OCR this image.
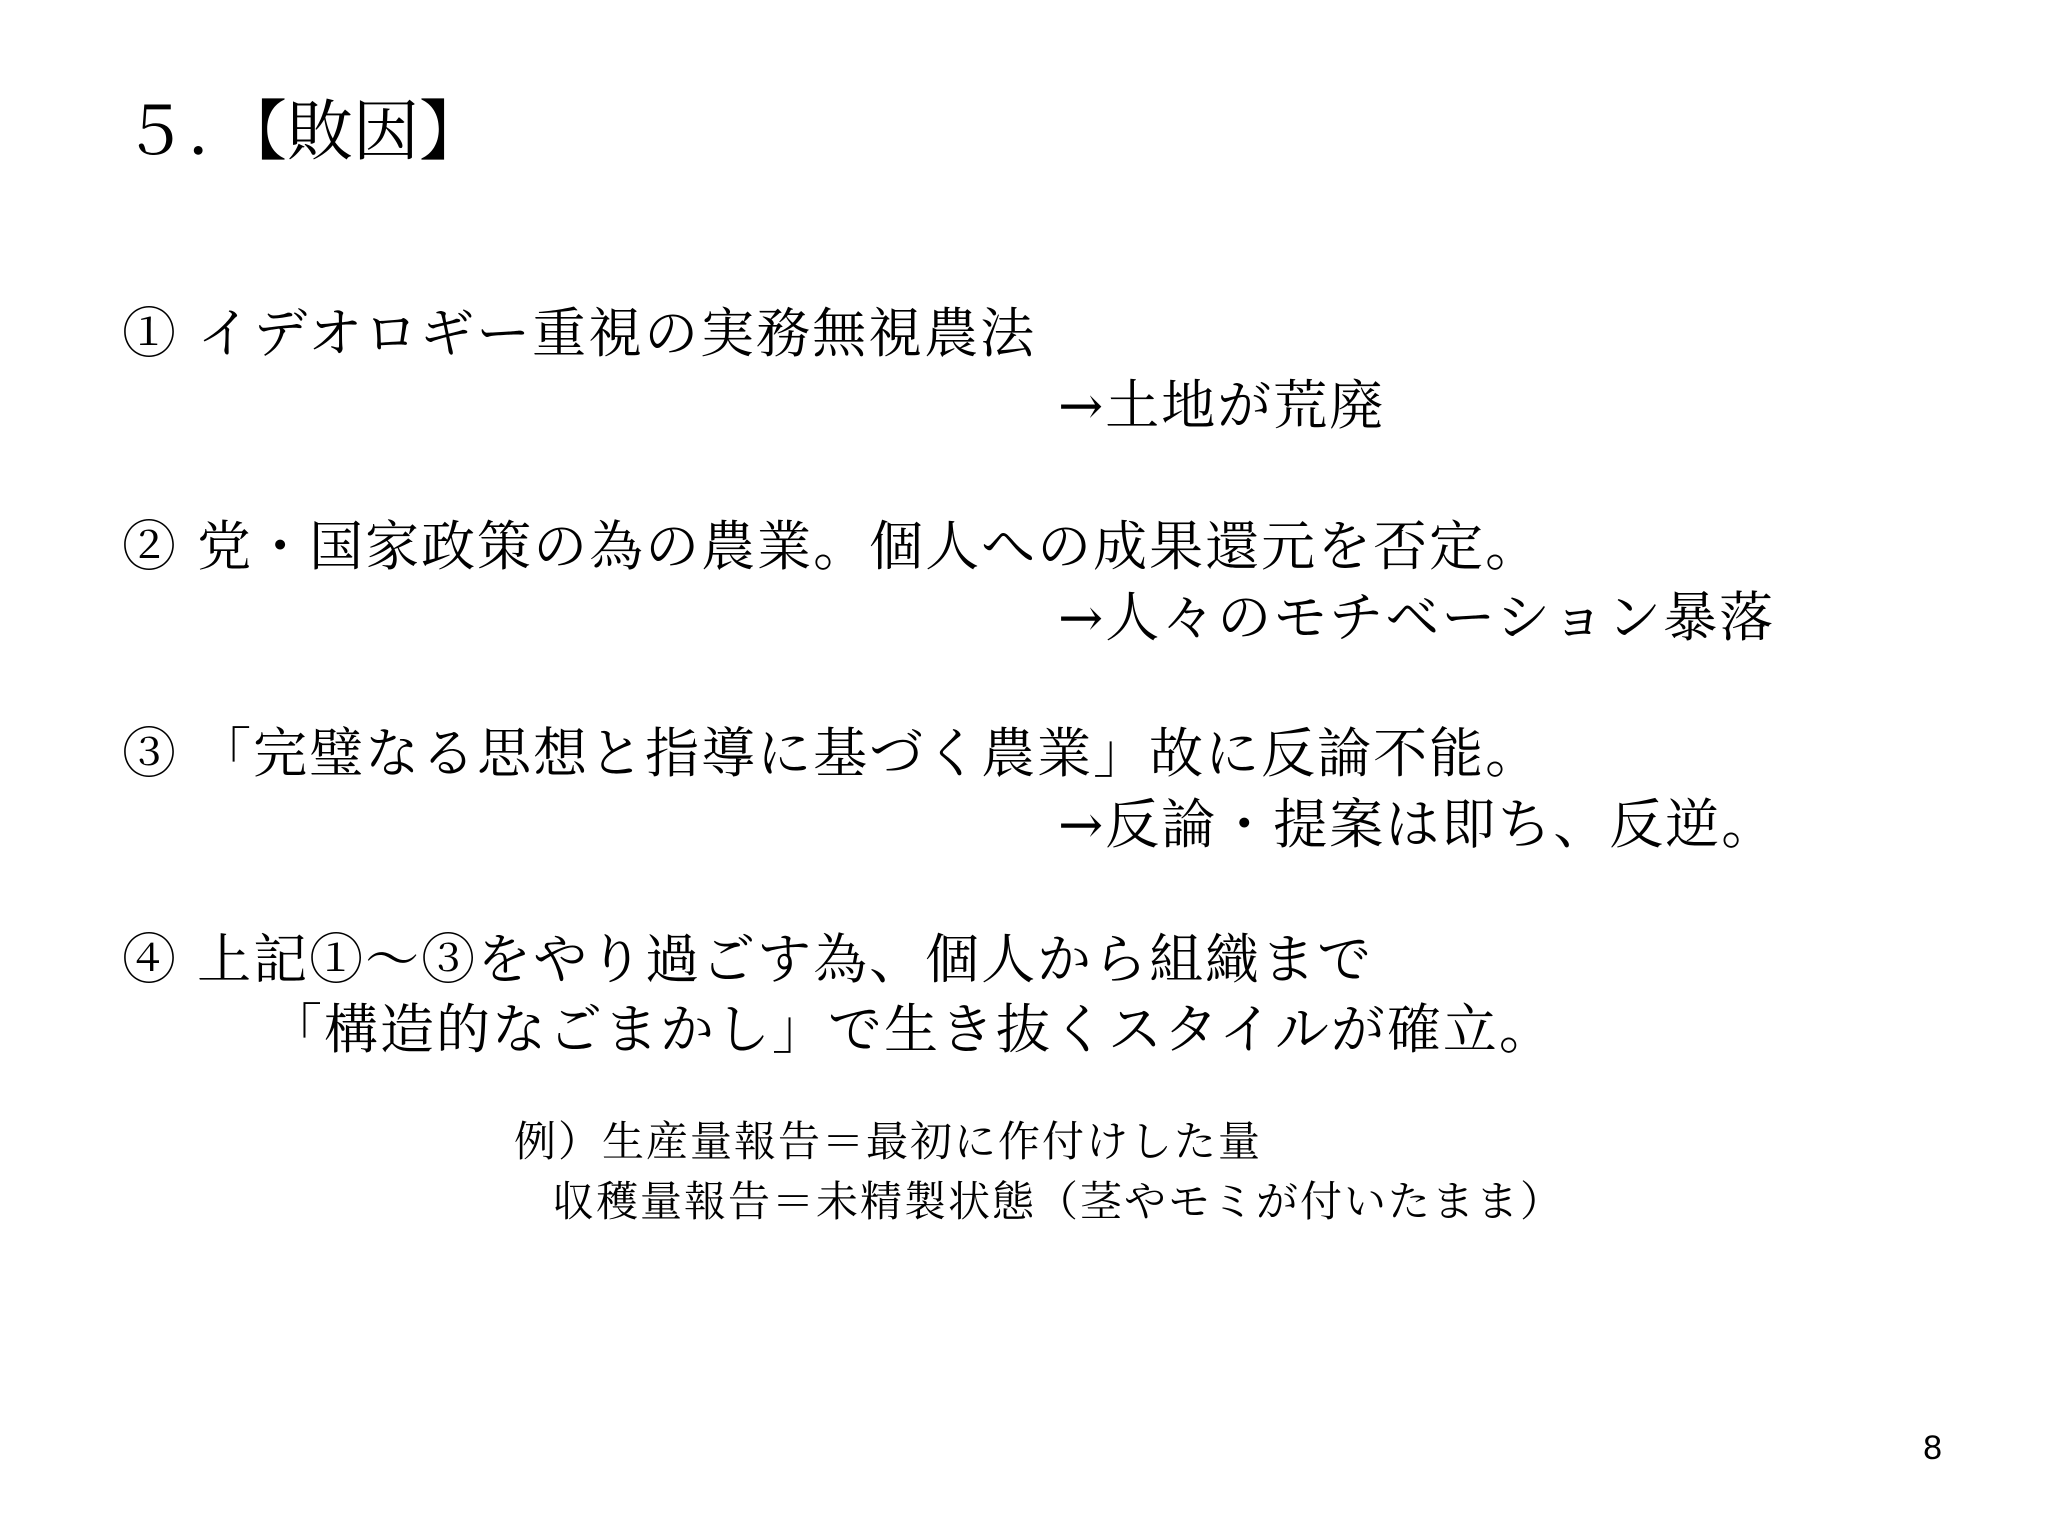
５．【敗因】
① イデオロギー重視の実務無視農法
→土地が荒廃
② 党・国家政策の為の農業。個人への成果還元を否定。
→人々のモチベーション暴落
③ 「完璧なる思想と指導に基づく農業」故に反論不能。
→反論・提案は即ち、反逆。
④ 上記①～③をやり過ごす為、個人から組織まで
「構造的なごまかし」で生き抜くスタイルが確立。
例）生産量報告＝最初に作付けした量
収穫量報告＝未精製状態（茎やモミが付いたまま）
8
